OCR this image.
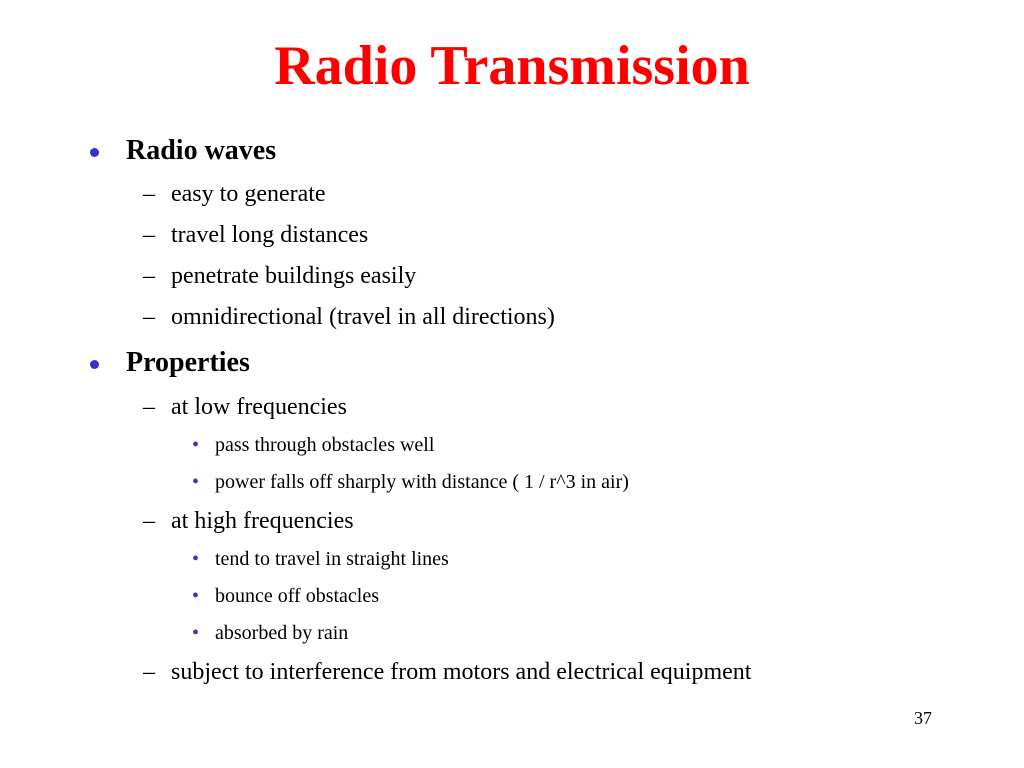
Radio Transmission
Radio waves
– easy to generate
– travel long distances
– penetrate buildings easily
– omnidirectional (travel in all directions)
Properties
– at low frequencies
• pass through obstacles well
• power falls off sharply with distance ( 1 / r^3 in air)
– at high frequencies
• tend to travel in straight lines
• bounce off obstacles
• absorbed by rain
– subject to interference from motors and electrical equipment
37
